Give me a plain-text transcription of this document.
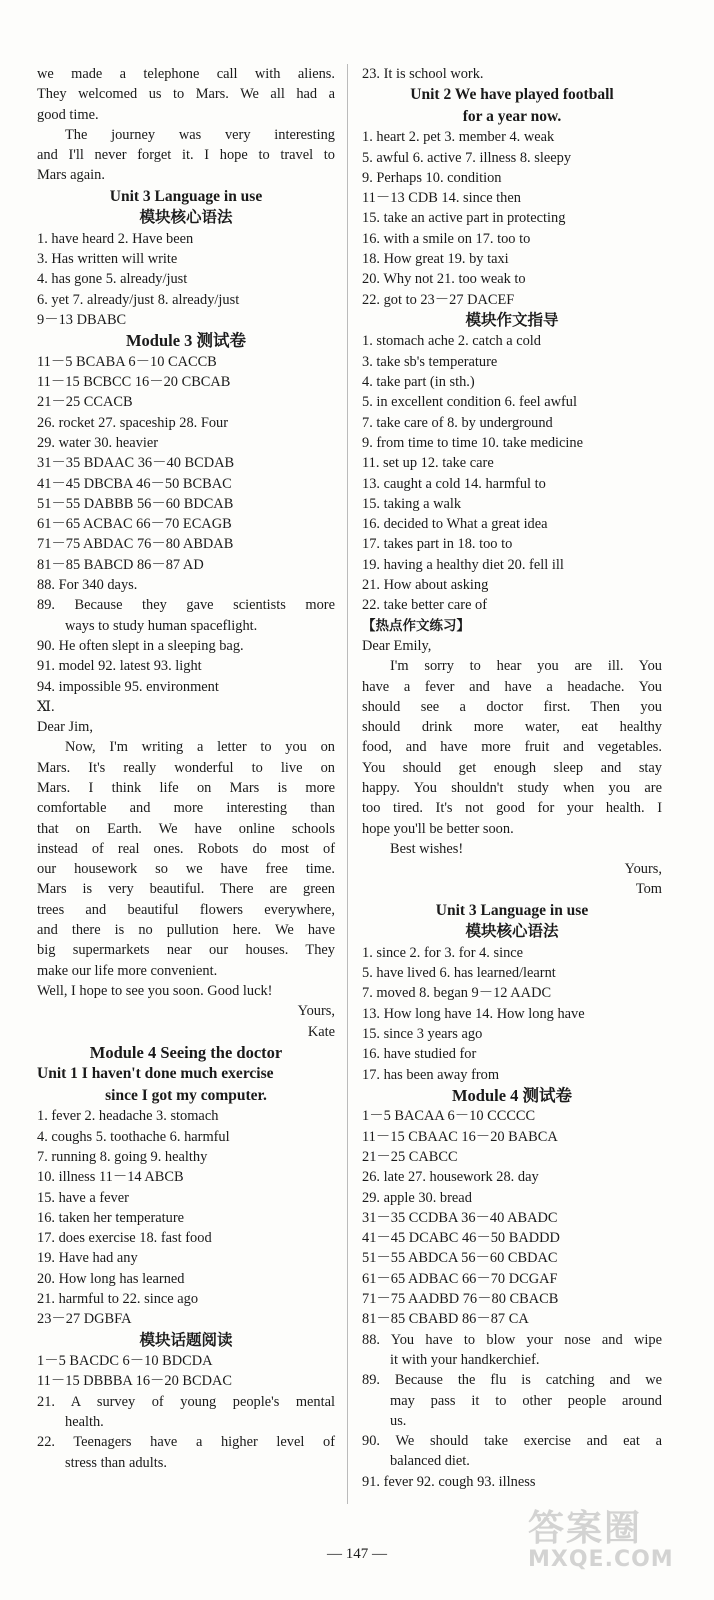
we made a telephone call with aliens.
They welcomed us to Mars. We all had a
good time.
The journey was very interesting
and I'll never forget it. I hope to travel to
Mars again.
Unit 3 Language in use
模块核心语法
1. have heard 2. Have been
3. Has written will write
4. has gone 5. already/just
6. yet 7. already/just 8. already/just
9－13 DBABC
Module 3 测试卷
11－5 BCABA 6－10 CACCB
11－15 BCBCC 16－20 CBCAB
21－25 CCACB
26. rocket 27. spaceship 28. Four
29. water 30. heavier
31－35 BDAAC 36－40 BCDAB
41－45 DBCBA 46－50 BCBAC
51－55 DABBB 56－60 BDCAB
61－65 ACBAC 66－70 ECAGB
71－75 ABDAC 76－80 ABDAB
81－85 BABCD 86－87 AD
88. For 340 days.
89. Because they gave scientists more
ways to study human spaceflight.
90. He often slept in a sleeping bag.
91. model 92. latest 93. light
94. impossible 95. environment
Ⅺ.
Dear Jim,
Now, I'm writing a letter to you on
Mars. It's really wonderful to live on
Mars. I think life on Mars is more
comfortable and more interesting than
that on Earth. We have online schools
instead of real ones. Robots do most of
our housework so we have free time.
Mars is very beautiful. There are green
trees and beautiful flowers everywhere,
and there is no pullution here. We have
big supermarkets near our houses. They
make our life more convenient.
Well, I hope to see you soon. Good luck!
Yours,
Kate
Module 4 Seeing the doctor
Unit 1 I haven't done much exercise
since I got my computer.
1. fever 2. headache 3. stomach
4. coughs 5. toothache 6. harmful
7. running 8. going 9. healthy
10. illness 11－14 ABCB
15. have a fever
16. taken her temperature
17. does exercise 18. fast food
19. Have had any
20. How long has learned
21. harmful to 22. since ago
23－27 DGBFA
模块话题阅读
1－5 BACDC 6－10 BDCDA
11－15 DBBBA 16－20 BCDAC
21. A survey of young people's mental
health.
22. Teenagers have a higher level of
stress than adults.
23. It is school work.
Unit 2 We have played football
for a year now.
1. heart 2. pet 3. member 4. weak
5. awful 6. active 7. illness 8. sleepy
9. Perhaps 10. condition
11－13 CDB 14. since then
15. take an active part in protecting
16. with a smile on 17. too to
18. How great 19. by taxi
20. Why not 21. too weak to
22. got to 23－27 DACEF
模块作文指导
1. stomach ache 2. catch a cold
3. take sb's temperature
4. take part (in sth.)
5. in excellent condition 6. feel awful
7. take care of 8. by underground
9. from time to time 10. take medicine
11. set up 12. take care
13. caught a cold 14. harmful to
15. taking a walk
16. decided to What a great idea
17. takes part in 18. too to
19. having a healthy diet 20. fell ill
21. How about asking
22. take better care of
【热点作文练习】
Dear Emily,
I'm sorry to hear you are ill. You
have a fever and have a headache. You
should see a doctor first. Then you
should drink more water, eat healthy
food, and have more fruit and vegetables.
You should get enough sleep and stay
happy. You shouldn't study when you are
too tired. It's not good for your health. I
hope you'll be better soon.
Best wishes!
Yours,
Tom
Unit 3 Language in use
模块核心语法
1. since 2. for 3. for 4. since
5. have lived 6. has learned/learnt
7. moved 8. began 9－12 AADC
13. How long have 14. How long have
15. since 3 years ago
16. have studied for
17. has been away from
Module 4 测试卷
1－5 BACAA 6－10 CCCCC
11－15 CBAAC 16－20 BABCA
21－25 CABCC
26. late 27. housework 28. day
29. apple 30. bread
31－35 CCDBA 36－40 ABADC
41－45 DCABC 46－50 BADDD
51－55 ABDCA 56－60 CBDAC
61－65 ADBAC 66－70 DCGAF
71－75 AADBD 76－80 CBACB
81－85 CBABD 86－87 CA
88. You have to blow your nose and wipe
it with your handkerchief.
89. Because the flu is catching and we
may pass it to other people around
us.
90. We should take exercise and eat a
balanced diet.
91. fever 92. cough 93. illness
— 147 —
答案圈
MXQE.COM
